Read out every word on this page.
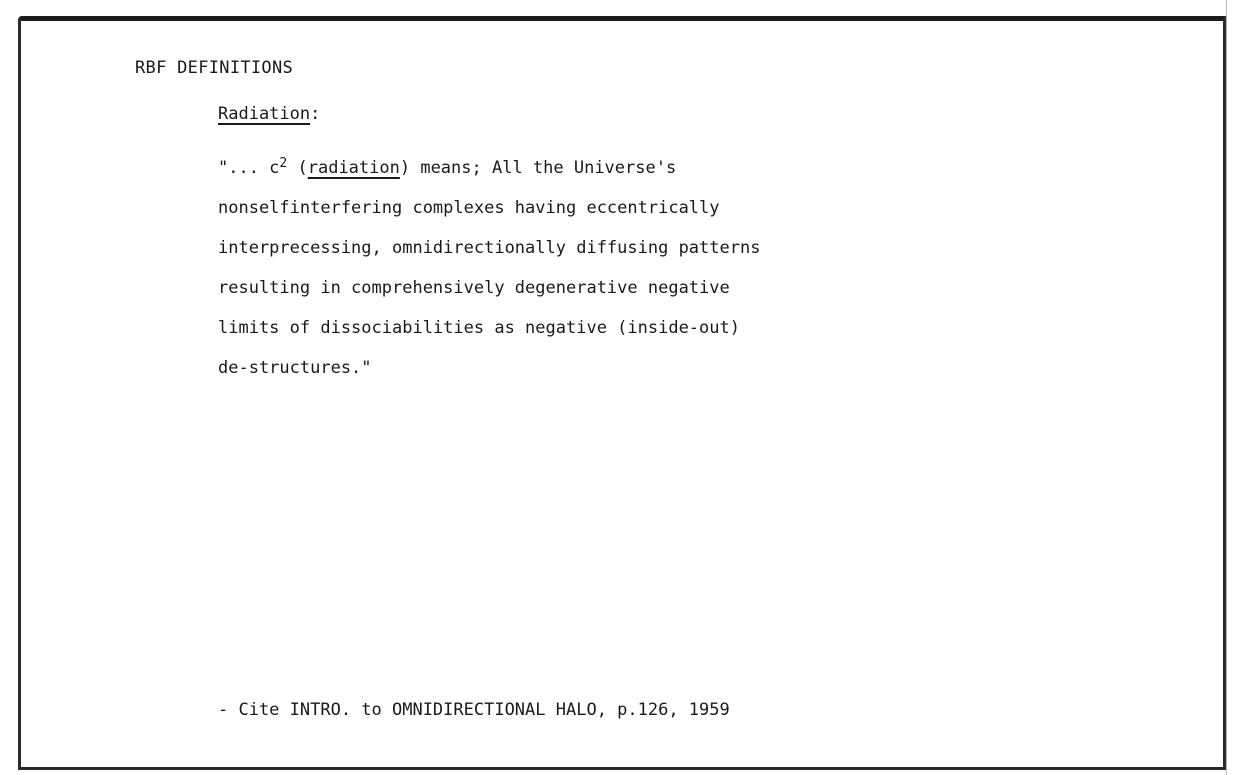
RBF DEFINITIONS
Radiation:
"... $c^2$ (radiation) means; All the Universe's
nonselfinterfering complexes having eccentrically
interprecessing, omnidirectionally diffusing patterns
resulting in comprehensively degenerative negative
limits of dissociabilities as negative (inside-out)
de-structures."
- Cite INTRO. to OMNIDIRECTIONAL HALO, p.126, 1959
